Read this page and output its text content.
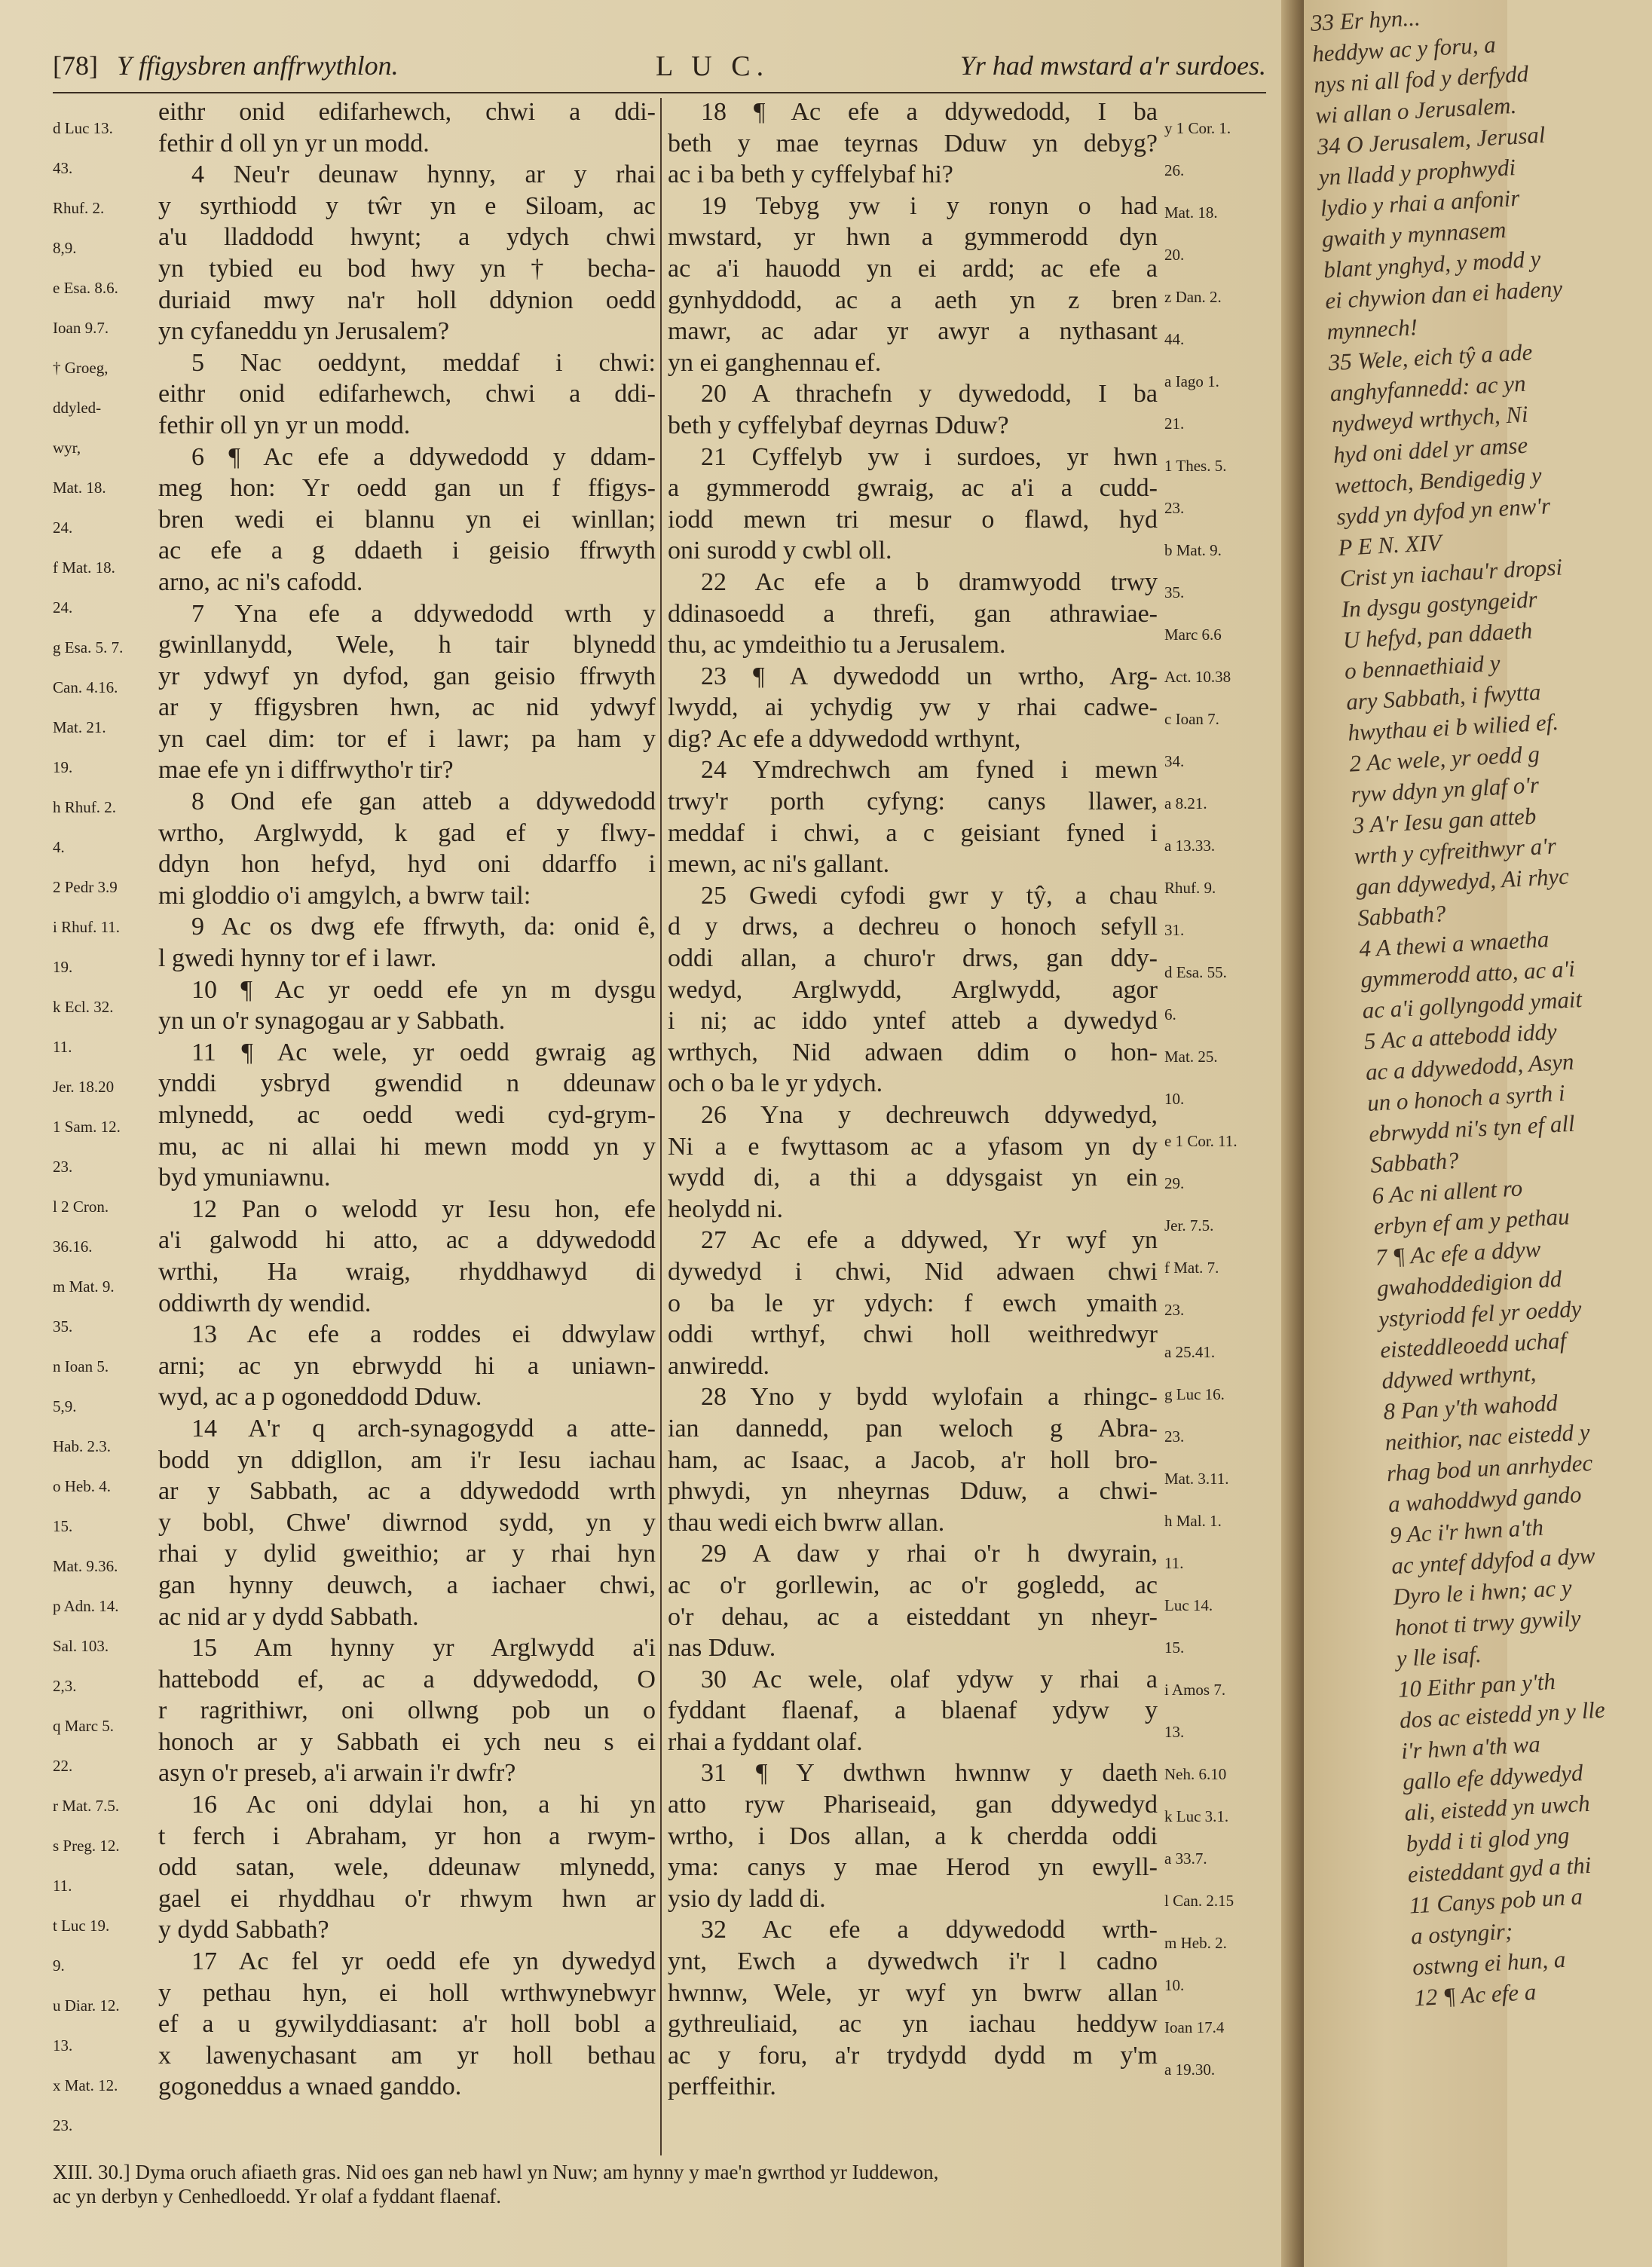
[78] Y ffigysbren anffrwythlon.	L U C.	Yr had mwstard a'r surdoes.
d Luc 13.
43.
Rhuf. 2.
8,9.
e Esa. 8.6.
Ioan 9.7.
† Groeg,
ddyled-
wyr,
Mat. 18.
24.
f Mat. 18.
24.
g Esa. 5. 7.
Can. 4.16.
Mat. 21.
19.
h Rhuf. 2.
4.
2 Pedr 3.9
i Rhuf. 11.
19.
k Ecl. 32.
11.
Jer. 18.20
1 Sam. 12.
23.
l 2 Cron.
36.16.
m Mat. 9.
35.
n Ioan 5.
5,9.
Hab. 2.3.
o Heb. 4.
15.
Mat. 9.36.
p Adn. 14.
Sal. 103.
2,3.
q Marc 5.
22.
r Mat. 7.5.
s Preg. 12.
11.
t Luc 19.
9.
u Diar. 12.
13.
x Mat. 12.
23.
eithr onid edifarhewch, chwi a ddi-
fethir d oll yn yr un modd.
4 Neu'r deunaw hynny, ar y rhai
y syrthiodd y tŵr yn e Siloam, ac
a'u lladdodd hwynt; a ydych chwi
yn tybied eu bod hwy yn † becha-
duriaid mwy na'r holl ddynion oedd
yn cyfaneddu yn Jerusalem?
5 Nac oeddynt, meddaf i chwi:
eithr onid edifarhewch, chwi a ddi-
fethir oll yn yr un modd.
6 ¶ Ac efe a ddywedodd y ddam-
meg hon: Yr oedd gan un f ffigys-
bren wedi ei blannu yn ei winllan;
ac efe a g ddaeth i geisio ffrwyth
arno, ac ni's cafodd.
7 Yna efe a ddywedodd wrth y
gwinllanydd, Wele, h tair blynedd
yr ydwyf yn dyfod, gan geisio ffrwyth
ar y ffigysbren hwn, ac nid ydwyf
yn cael dim: tor ef i lawr; pa ham y
mae efe yn i diffrwytho'r tir?
8 Ond efe gan atteb a ddywedodd
wrtho, Arglwydd, k gad ef y flwy-
ddyn hon hefyd, hyd oni ddarffo i
mi gloddio o'i amgylch, a bwrw tail:
9 Ac os dwg efe ffrwyth, da: onid ê,
l gwedi hynny tor ef i lawr.
10 ¶ Ac yr oedd efe yn m dysgu
yn un o'r synagogau ar y Sabbath.
11 ¶ Ac wele, yr oedd gwraig ag
ynddi ysbryd gwendid n ddeunaw
mlynedd, ac oedd wedi cyd-grym-
mu, ac ni allai hi mewn modd yn y
byd ymuniawnu.
12 Pan o welodd yr Iesu hon, efe
a'i galwodd hi atto, ac a ddywedodd
wrthi, Ha wraig, rhyddhawyd di
oddiwrth dy wendid.
13 Ac efe a roddes ei ddwylaw
arni; ac yn ebrwydd hi a uniawn-
wyd, ac a p ogoneddodd Dduw.
14 A'r q arch-synagogydd a atte-
bodd yn ddigllon, am i'r Iesu iachau
ar y Sabbath, ac a ddywedodd wrth
y bobl, Chwe' diwrnod sydd, yn y
rhai y dylid gweithio; ar y rhai hyn
gan hynny deuwch, a iachaer chwi,
ac nid ar y dydd Sabbath.
15 Am hynny yr Arglwydd a'i
hattebodd ef, ac a ddywedodd, O
r ragrithiwr, oni ollwng pob un o
honoch ar y Sabbath ei ych neu s ei
asyn o'r preseb, a'i arwain i'r dwfr?
16 Ac oni ddylai hon, a hi yn
t ferch i Abraham, yr hon a rwym-
odd satan, wele, ddeunaw mlynedd,
gael ei rhyddhau o'r rhwym hwn ar
y dydd Sabbath?
17 Ac fel yr oedd efe yn dywedyd
y pethau hyn, ei holl wrthwynebwyr
ef a u gywilyddiasant: a'r holl bobl a
x lawenychasant am yr holl bethau
gogoneddus a wnaed ganddo.
18 ¶ Ac efe a ddywedodd, I ba
beth y mae teyrnas Dduw yn debyg?
ac i ba beth y cyffelybaf hi?
19 Tebyg yw i y ronyn o had
mwstard, yr hwn a gymmerodd dyn
ac a'i hauodd yn ei ardd; ac efe a
gynhyddodd, ac a aeth yn z bren
mawr, ac adar yr awyr a nythasant
yn ei ganghennau ef.
20 A thrachefn y dywedodd, I ba
beth y cyffelybaf deyrnas Dduw?
21 Cyffelyb yw i surdoes, yr hwn
a gymmerodd gwraig, ac a'i a cudd-
iodd mewn tri mesur o flawd, hyd
oni surodd y cwbl oll.
22 Ac efe a b dramwyodd trwy
ddinasoedd a threfi, gan athrawiae-
thu, ac ymdeithio tu a Jerusalem.
23 ¶ A dywedodd un wrtho, Arg-
lwydd, ai ychydig yw y rhai cadwe-
dig? Ac efe a ddywedodd wrthynt,
24 Ymdrechwch am fyned i mewn
trwy'r porth cyfyng: canys llawer,
meddaf i chwi, a c geisiant fyned i
mewn, ac ni's gallant.
25 Gwedi cyfodi gwr y tŷ, a chau
d y drws, a dechreu o honoch sefyll
oddi allan, a churo'r drws, gan ddy-
wedyd, Arglwydd, Arglwydd, agor
i ni; ac iddo yntef atteb a dywedyd
wrthych, Nid adwaen ddim o hon-
och o ba le yr ydych.
26 Yna y dechreuwch ddywedyd,
Ni a e fwyttasom ac a yfasom yn dy
wydd di, a thi a ddysgaist yn ein
heolydd ni.
27 Ac efe a ddywed, Yr wyf yn
dywedyd i chwi, Nid adwaen chwi
o ba le yr ydych: f ewch ymaith
oddi wrthyf, chwi holl weithredwyr
anwiredd.
28 Yno y bydd wylofain a rhingc-
ian dannedd, pan weloch g Abra-
ham, ac Isaac, a Jacob, a'r holl bro-
phwydi, yn nheyrnas Dduw, a chwi-
thau wedi eich bwrw allan.
29 A daw y rhai o'r h dwyrain,
ac o'r gorllewin, ac o'r gogledd, ac
o'r dehau, ac a eisteddant yn nheyr-
nas Dduw.
30 Ac wele, olaf ydyw y rhai a
fyddant flaenaf, a blaenaf ydyw y
rhai a fyddant olaf.
31 ¶ Y dwthwn hwnnw y daeth
atto ryw Phariseaid, gan ddywedyd
wrtho, i Dos allan, a k cherdda oddi
yma: canys y mae Herod yn ewyll-
ysio dy ladd di.
32 Ac efe a ddywedodd wrth-
ynt, Ewch a dywedwch i'r l cadno
hwnnw, Wele, yr wyf yn bwrw allan
gythreuliaid, ac yn iachau heddyw
ac y foru, a'r trydydd dydd m y'm
perffeithir.
y 1 Cor. 1.
26.
Mat. 18.
20.
z Dan. 2.
44.
a Iago 1.
21.
1 Thes. 5.
23.
b Mat. 9.
35.
Marc 6.6
Act. 10.38
c Ioan 7.
34.
a 8.21.
a 13.33.
Rhuf. 9.
31.
d Esa. 55.
6.
Mat. 25.
10.
e 1 Cor. 11.
29.
Jer. 7.5.
f Mat. 7.
23.
a 25.41.
g Luc 16.
23.
Mat. 3.11.
h Mal. 1.
11.
Luc 14.
15.
i Amos 7.
13.
Neh. 6.10
k Luc 3.1.
a 33.7.
l Can. 2.15
m Heb. 2.
10.
Ioan 17.4
a 19.30.
XIII. 30.] Dyma oruch afiaeth gras. Nid oes gan neb hawl yn Nuw; am hynny y mae'n gwrthod yr Iuddewon,
ac yn derbyn y Cenhedloedd. Yr olaf a fyddant flaenaf.
33 Er hyn...
heddyw ac y foru, a
nys ni all fod y derfydd
wi allan o Jerusalem.
34 O Jerusalem, Jerusal
yn lladd y prophwydi
lydio y rhai a anfonir
gwaith y mynnasem
blant ynghyd, y modd y
ei chywion dan ei hadeny
mynnech!
35 Wele, eich tŷ a ade
anghyfannedd: ac yn
nydweyd wrthych, Ni
hyd oni ddel yr amse
wettoch, Bendigedig y
sydd yn dyfod yn enw'r
P E N. XIV
Crist yn iachau'r dropsi
In dysgu gostyngeidr
U hefyd, pan ddaeth
o bennaethiaid y
ary Sabbath, i fwytta
hwythau ei b wilied ef.
2 Ac wele, yr oedd g
ryw ddyn yn glaf o'r
3 A'r Iesu gan atteb
wrth y cyfreithwyr a'r
gan ddywedyd, Ai rhyc
Sabbath?
4 A thewi a wnaetha
gymmerodd atto, ac a'i
ac a'i gollyngodd ymait
5 Ac a attebodd iddy
ac a ddywedodd, Asyn
un o honoch a syrth i
ebrwydd ni's tyn ef all
Sabbath?
6 Ac ni allent ro
erbyn ef am y pethau
7 ¶ Ac efe a ddyw
gwahoddedigion dd
ystyriodd fel yr oeddy
eisteddleoedd uchaf
ddywed wrthynt,
8 Pan y'th wahodd
neithior, nac eistedd y
rhag bod un anrhydec
a wahoddwyd gando
9 Ac i'r hwn a'th
ac yntef ddyfod a dyw
Dyro le i hwn; ac y
honot ti trwy gywily
y lle isaf.
10 Eithr pan y'th
dos ac eistedd yn y lle
i'r hwn a'th wa
gallo efe ddywedyd
ali, eistedd yn uwch
bydd i ti glod yng
eisteddant gyd a thi
11 Canys pob un a
a ostyngir;
ostwng ei hun, a
12 ¶ Ac efe a
